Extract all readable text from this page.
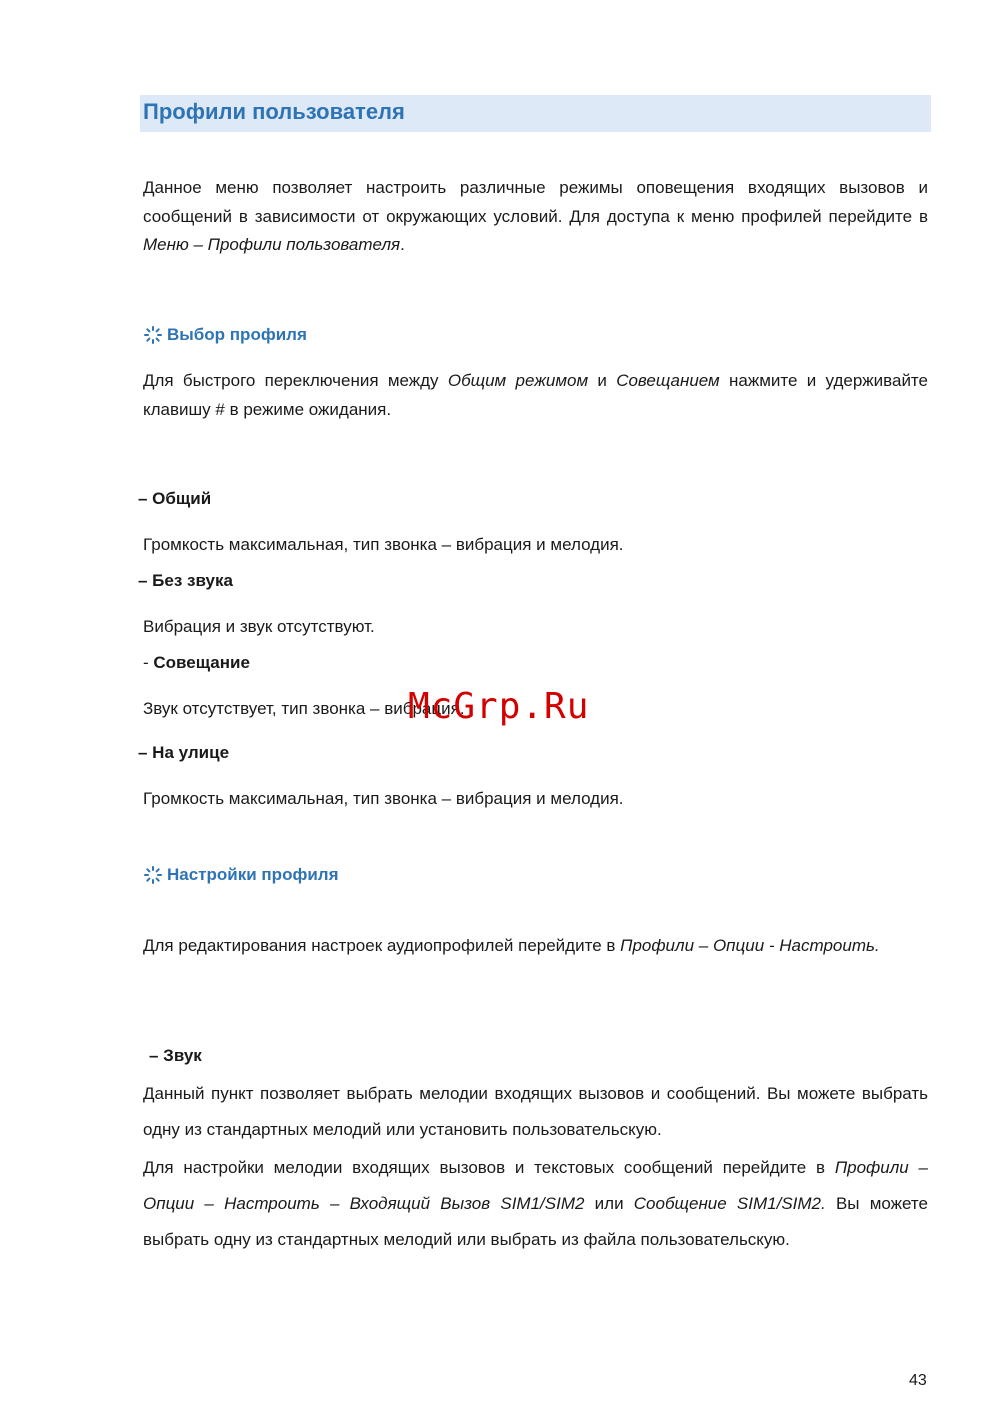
Профили пользователя
Данное меню позволяет настроить различные режимы оповещения входящих вызовов и сообщений в зависимости от окружающих условий. Для доступа к меню профилей перейдите в Меню – Профили пользователя.
Выбор профиля
Для быстрого переключения между Общим режимом и Совещанием нажмите и удерживайте клавишу # в режиме ожидания.
– Общий
Громкость максимальная, тип звонка – вибрация и мелодия.
– Без звука
Вибрация и звук отсутствуют.
- Совещание
Звук отсутствует, тип звонка – вибрация.
– На улице
Громкость максимальная, тип звонка – вибрация и мелодия.
Настройки профиля
Для редактирования настроек аудиопрофилей перейдите в Профили – Опции - Настроить.
– Звук
Данный пункт позволяет выбрать мелодии входящих вызовов и сообщений. Вы можете выбрать одну из стандартных мелодий или установить пользовательскую.
Для настройки мелодии входящих вызовов и текстовых сообщений перейдите в Профили – Опции – Настроить – Входящий Вызов SIM1/SIM2 или Сообщение SIM1/SIM2. Вы можете выбрать одну из стандартных мелодий или выбрать из файла пользовательскую.
McGrp.Ru
43
